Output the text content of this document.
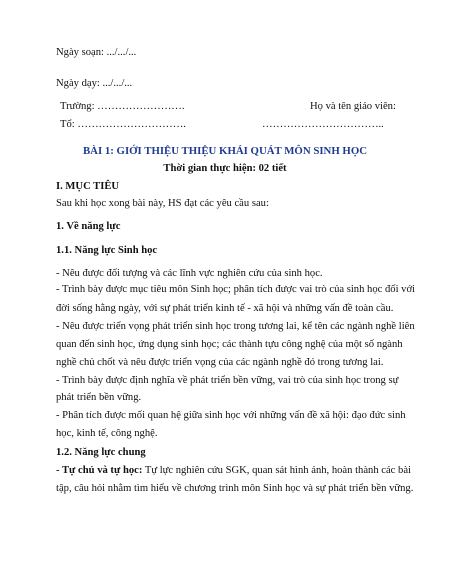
Ngày soạn: .../.../...
Ngày dạy: .../.../...
Trường: …………………….	Họ và tên giáo viên:
Tổ: ………………………….	……………………………..
BÀI 1: GIỚI THIỆU THIỆU KHÁI QUÁT MÔN SINH HỌC
Thời gian thực hiện: 02 tiết
I. MỤC TIÊU
Sau khi học xong bài này, HS đạt các yêu cầu sau:
1. Về năng lực
1.1. Năng lực Sinh học
- Nêu được đối tượng và các lĩnh vực nghiên cứu của sinh học.
- Trình bày được mục tiêu môn Sinh học; phân tích được vai trò của sinh học đối với
đời sống hằng ngày, với sự phát triển kinh tế - xã hội và những vấn đề toàn cầu.
- Nêu được triển vọng phát triển sinh học trong tương lai, kể tên các ngành nghề liên
quan đến sinh học, ứng dụng sinh học; các thành tựu công nghệ của một số ngành
nghề chủ chốt và nêu được triển vọng của các ngành nghề đó trong tương lai.
- Trình bày được định nghĩa về phát triển bền vững, vai trò của sinh học trong sự
phát triển bền vững.
- Phân tích được mối quan hệ giữa sinh học với những vấn đề xã hội: đạo đức sinh
học, kinh tế, công nghệ.
1.2. Năng lực chung
- Tự chủ và tự học: Tự lực nghiên cứu SGK, quan sát hình ảnh, hoàn thành các bài
tập, câu hỏi nhằm tìm hiểu về chương trình môn Sinh học và sự phát triển bền vững.
